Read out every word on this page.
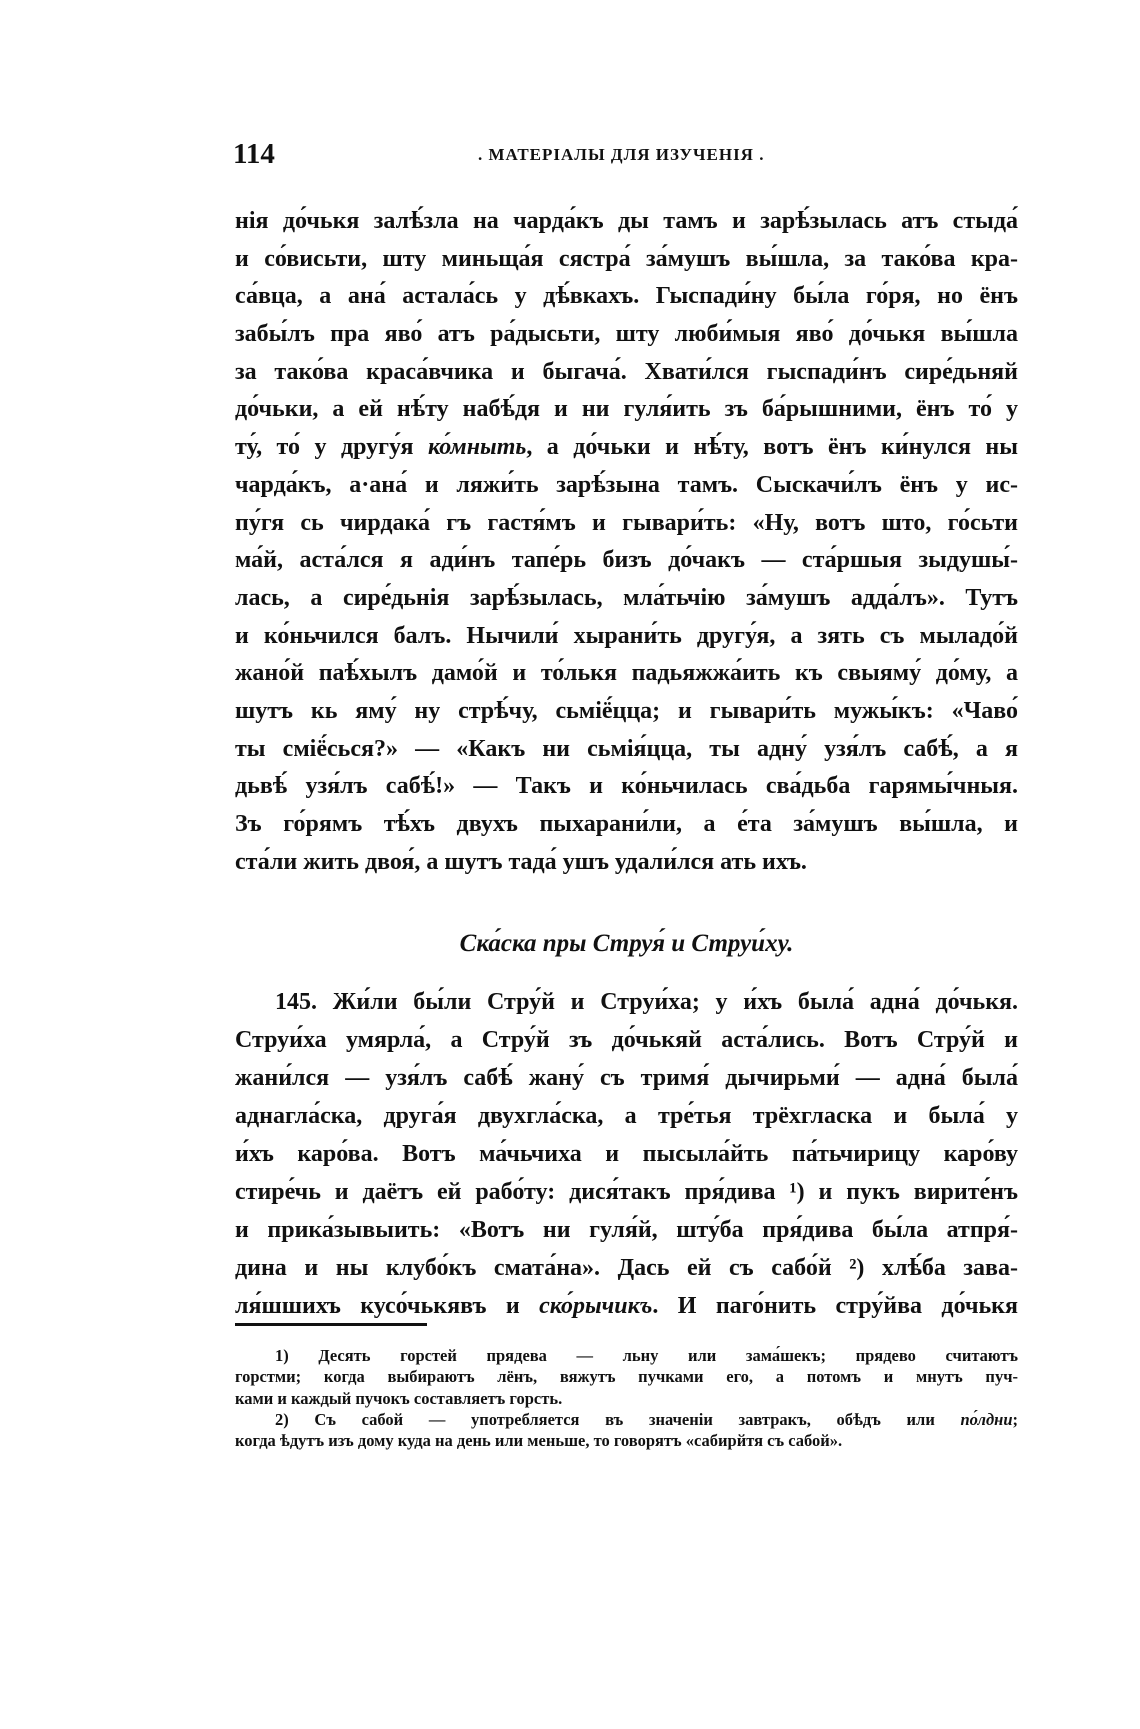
114	. МАТЕРІАЛЫ ДЛЯ ИЗУЧЕНІЯ .
нія до́чькя залѣ́зла на чарда́къ ды тамъ и зарѣ́зылась атъ стыда́
и со́висьти, шту миньща́я сястра́ за́мушъ вы́шла, за тако́ва кра-
са́вца, а ана́ астала́сь у дѣ́вкахъ. Гыспади́ну бы́ла го́ря, но ёнъ
забы́лъ пра яво́ атъ ра́дысьти, шту люби́мыя яво́ до́чькя вы́шла
за тако́ва краса́вчика и быгача́. Хвати́лся гыспади́нъ сире́дьняй
до́чьки, а ей нѣ́ту набѣ́дя и ни гуля́ить зъ ба́рышними, ёнъ то́ у
ту́, то́ у другу́я ко́мныть, а до́чьки и нѣ́ту, вотъ ёнъ ки́нулся ны
чарда́къ, а·ана́ и ляжи́ть зарѣ́зына тамъ. Сыскачи́лъ ёнъ у ис-
пу́гя сь чирдака́ гъ гастя́мъ и гывари́ть: «Ну, вотъ што, го́сьти
ма́й, аста́лся я ади́нъ тапе́рь бизъ до́чакъ — ста́ршыя зыдушы́-
лась, а сире́дьнія зарѣ́зылась, мла́тьчію за́мушъ адда́лъ». Тутъ
и ко́ньчился балъ. Нычили́ хырани́ть другу́я, а зять съ мыладо́й
жано́й паѣ́хылъ дамо́й и то́лькя падьяжжа́ить къ свыяму́ до́му, а
шутъ кь яму́ ну стрѣ́чу, сьміё́цца; и гывари́ть мужы́къ: «Чаво́
ты сміё́сься?» — «Какъ ни сьмія́цца, ты адну́ узя́лъ сабѣ́, а я
дьвѣ́ узя́лъ сабѣ́!» — Такъ и ко́ньчилась сва́дьба гарямы́чныя.
Зъ го́рямъ тѣ́хъ двухъ пыхарани́ли, а е́та за́мушъ вы́шла, и
ста́ли жить двоя́, а шутъ тада́ ушъ удали́лся ать ихъ.
Ска́ска пры Струя́ и Струи́ху.
145. Жи́ли бы́ли Стру́й и Струи́ха; у и́хъ была́ адна́ до́чькя.
Струи́ха умярла́, а Стру́й зъ до́чькяй аста́лись. Вотъ Стру́й и
жани́лся — узя́лъ сабѣ́ жану́ съ тримя́ дычирьми́ — адна́ была́
аднагла́ска, друга́я двухгла́ска, а тре́тья трёхгласка и была́ у
и́хъ каро́ва. Вотъ ма́чьчиха и пысыла́йть па́тьчирицу каро́ву
стире́чь и даётъ ей рабо́ту: дися́такъ пря́дива ¹) и пукъ вирите́нъ
и прика́зывыить: «Вотъ ни гуля́й, шту́ба пря́дива бы́ла атпря́-
дина и ны клубо́къ смата́на». Дась ей съ сабо́й ²) хлѣ́ба зава-
ля́шшихъ кусо́чькявъ и ско́рычикъ. И паго́нить стру́йва до́чькя
1) Десять горстей прядева — льну или зама́шекъ; прядево считаютъ
горстми; когда выбираютъ лёнъ, вяжутъ пучками его, а потомъ и мнутъ пуч-
ками и каждый пучокъ составляетъ горсть.
2) Съ сабой — употребляется въ значеніи завтракъ, обѣдъ или по́лдни;
когда ѣдутъ изъ дому куда на день или меньше, то говорятъ «сабирйтя съ сабой».
